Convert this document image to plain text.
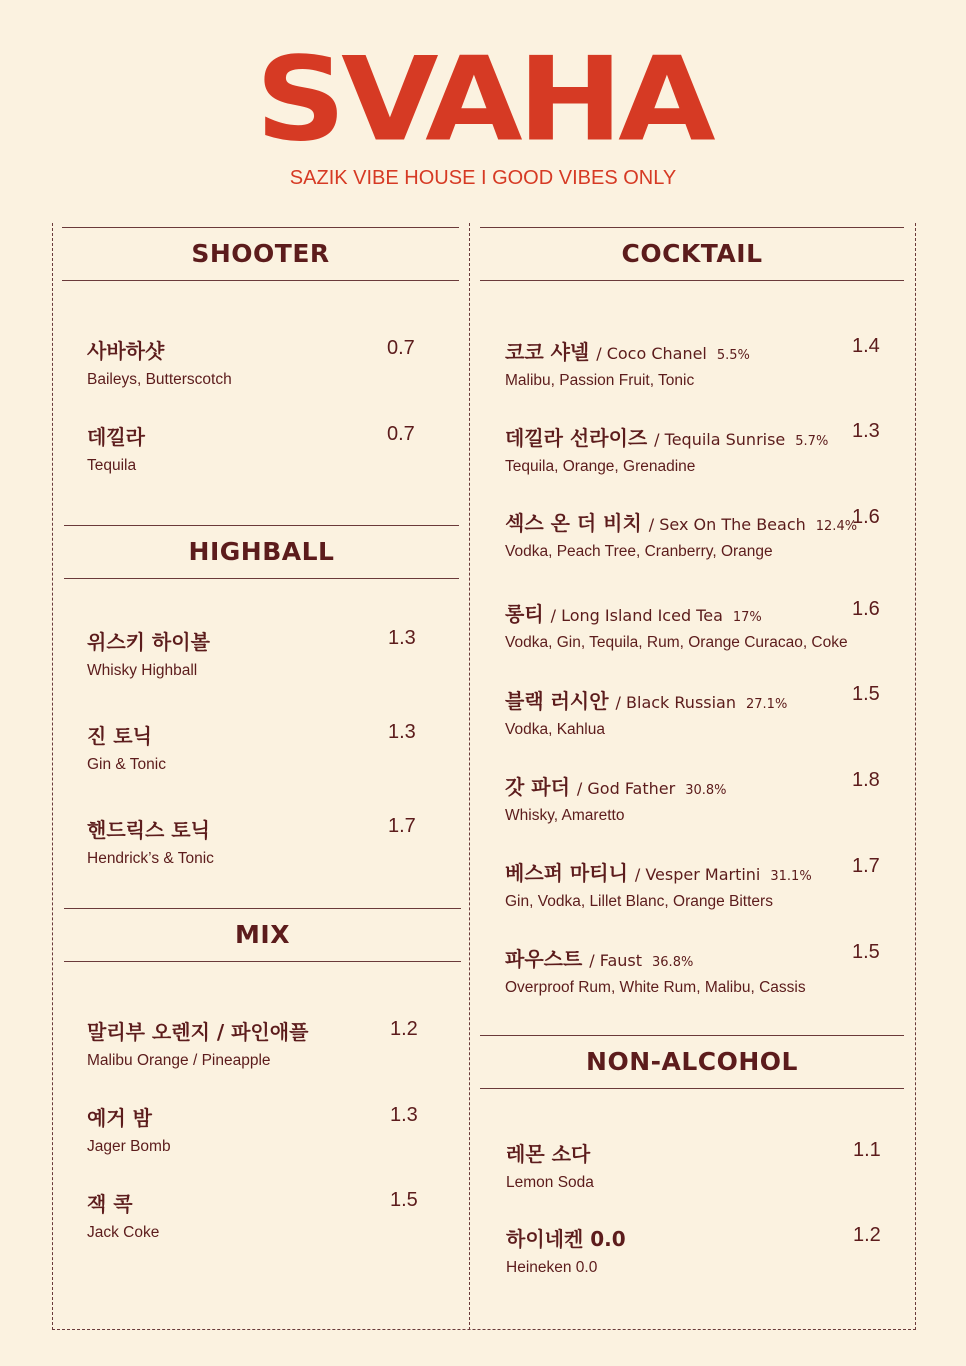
SVAHA
SAZIK VIBE HOUSE I GOOD VIBES ONLY
SHOOTER
사바하샷
Baileys, Butterscotch
0.7
데낄라
Tequila
0.7
HIGHBALL
위스키 하이볼
Whisky Highball
1.3
진 토닉
Gin & Tonic
1.3
핸드릭스 토닉
Hendrick’s & Tonic
1.7
MIX
말리부 오렌지 / 파인애플
Malibu Orange / Pineapple
1.2
예거 밤
Jager Bomb
1.3
잭 콕
Jack Coke
1.5
COCKTAIL
코코 샤넬 / Coco Chanel 5.5%
Malibu, Passion Fruit, Tonic
1.4
데낄라 선라이즈 / Tequila Sunrise 5.7%
Tequila, Orange, Grenadine
1.3
섹스 온 더 비치 / Sex On The Beach 12.4%
Vodka, Peach Tree, Cranberry, Orange
1.6
롱티 / Long Island Iced Tea 17%
Vodka, Gin, Tequila, Rum, Orange Curacao, Coke
1.6
블랙 러시안 / Black Russian 27.1%
Vodka, Kahlua
1.5
갓 파더 / God Father 30.8%
Whisky, Amaretto
1.8
베스퍼 마티니 / Vesper Martini 31.1%
Gin, Vodka, Lillet Blanc, Orange Bitters
1.7
파우스트 / Faust 36.8%
Overproof Rum, White Rum, Malibu, Cassis
1.5
NON-ALCOHOL
레몬 소다
Lemon Soda
1.1
하이네켄 0.0
Heineken 0.0
1.2
